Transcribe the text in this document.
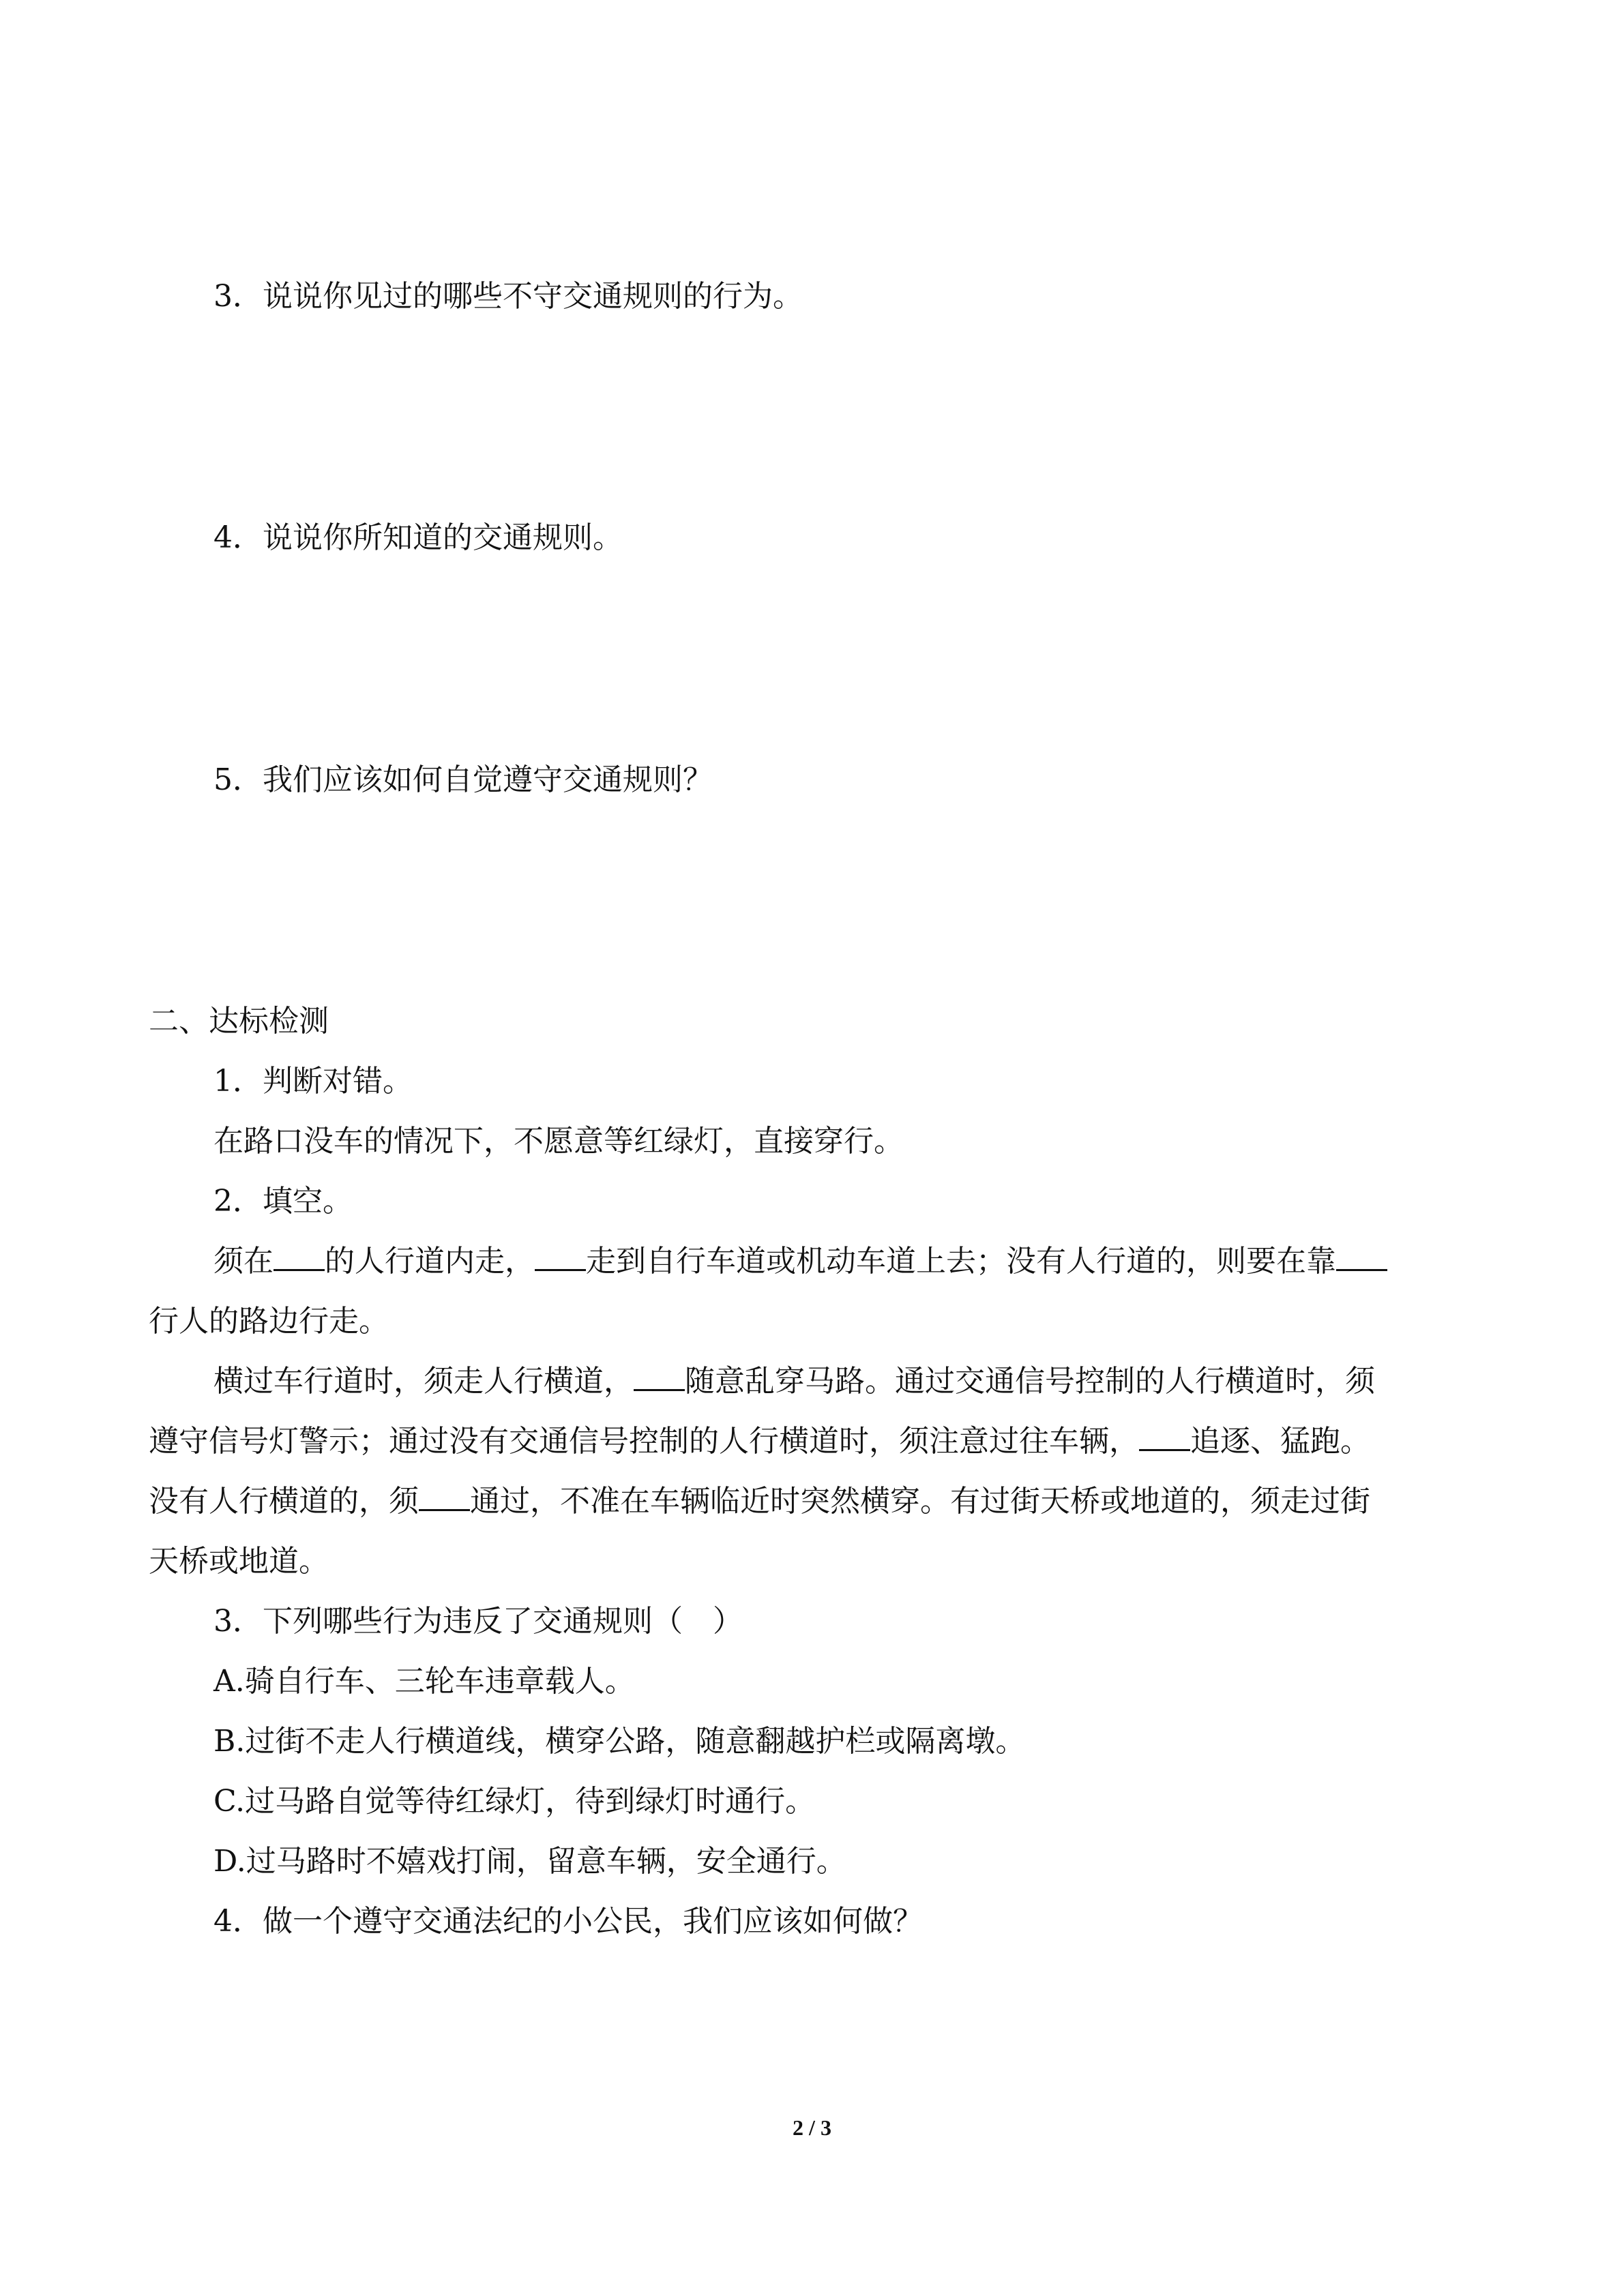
3．说说你见过的哪些不守交通规则的行为。

4．说说你所知道的交通规则。

5．我们应该如何自觉遵守交通规则？

二、达标检测

1．判断对错。

在路口没车的情况下，不愿意等红绿灯，直接穿行。

2．填空。

须在 的人行道内走， 走到自行车道或机动车道上去；没有人行道的，则要在靠

行人的路边行走。

横过车行道时，须走人行横道， 随意乱穿马路。通过交通信号控制的人行横道时，须

遵守信号灯警示；通过没有交通信号控制的人行横道时，须注意过往车辆， 追逐、猛跑。

没有人行横道的，须 通过，不准在车辆临近时突然横穿。有过街天桥或地道的，须走过街

天桥或地道。

3．下列哪些行为违反了交通规则（　）

A.骑自行车、三轮车违章载人。

B.过街不走人行横道线，横穿公路，随意翻越护栏或隔离墩。

C.过马路自觉等待红绿灯，待到绿灯时通行。

D.过马路时不嬉戏打闹，留意车辆，安全通行。

4．做一个遵守交通法纪的小公民，我们应该如何做？

2 / 3
